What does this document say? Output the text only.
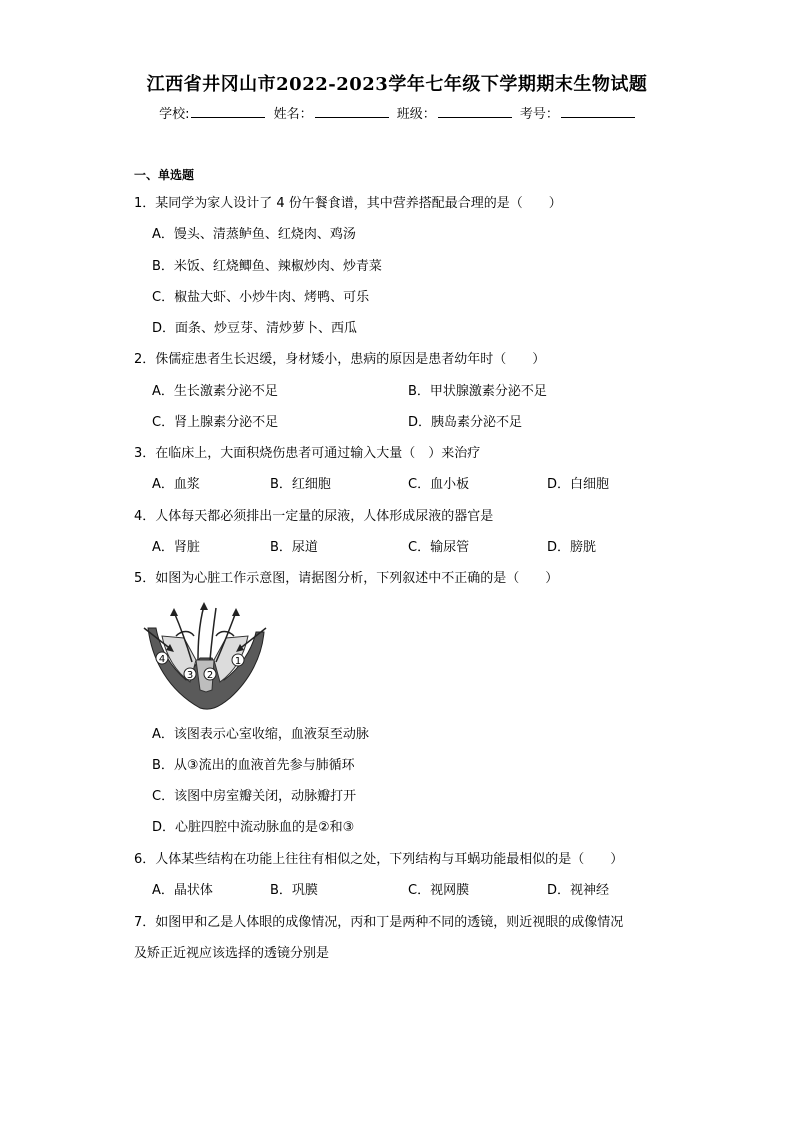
江西省井冈山市2022-2023学年七年级下学期期末生物试题
学校:	姓名：	班级：	考号：
一、单选题
1．某同学为家人设计了 4 份午餐食谱，其中营养搭配最合理的是（　　）
A．馒头、清蒸鲈鱼、红烧肉、鸡汤
B．米饭、红烧鲫鱼、辣椒炒肉、炒青菜
C．椒盐大虾、小炒牛肉、烤鸭、可乐
D．面条、炒豆芽、清炒萝卜、西瓜
2．侏儒症患者生长迟缓，身材矮小，患病的原因是患者幼年时（　　）
A．生长激素分泌不足	B．甲状腺激素分泌不足
C．肾上腺素分泌不足	D．胰岛素分泌不足
3．在临床上，大面积烧伤患者可通过输入大量（　）来治疗
A．血浆	B．红细胞	C．血小板	D．白细胞
4．人体每天都必须排出一定量的尿液，人体形成尿液的器官是
A．肾脏	B．尿道	C．输尿管	D．膀胱
5．如图为心脏工作示意图，请据图分析，下列叙述中不正确的是（　　）
4
3 2
1
A．该图表示心室收缩，血液泵至动脉
B．从③流出的血液首先参与肺循环
C．该图中房室瓣关闭，动脉瓣打开
D．心脏四腔中流动脉血的是②和③
6．人体某些结构在功能上往往有相似之处，下列结构与耳蜗功能最相似的是（　　）
A．晶状体	B．巩膜	C．视网膜	D．视神经
7．如图甲和乙是人体眼的成像情况，丙和丁是两种不同的透镜，则近视眼的成像情况
及矫正近视应该选择的透镜分别是
